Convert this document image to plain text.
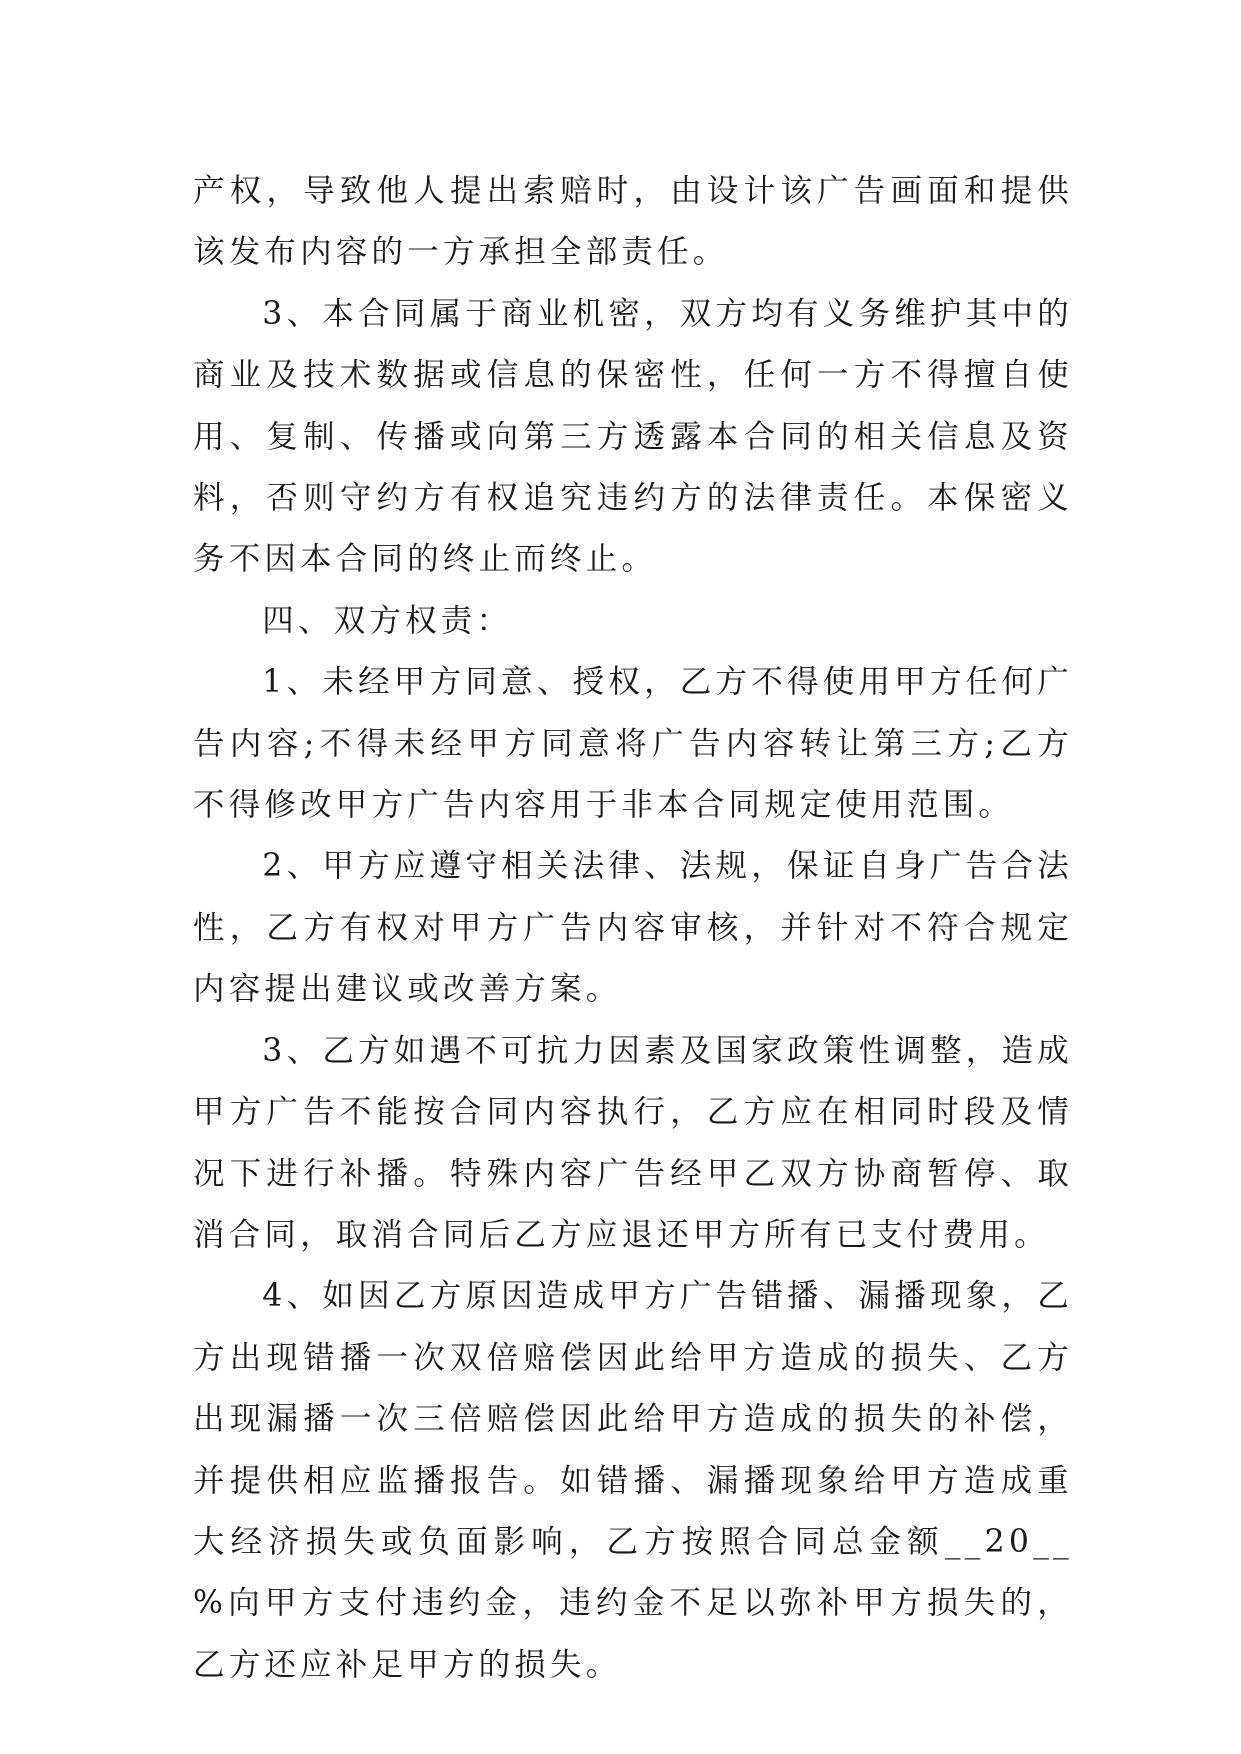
产权，导致他人提出索赔时，由设计该广告画面和提供该发布内容的一方承担全部责任。

3、本合同属于商业机密，双方均有义务维护其中的商业及技术数据或信息的保密性，任何一方不得擅自使用、复制、传播或向第三方透露本合同的相关信息及资料，否则守约方有权追究违约方的法律责任。本保密义务不因本合同的终止而终止。

四、双方权责：

1、未经甲方同意、授权，乙方不得使用甲方任何广告内容;不得未经甲方同意将广告内容转让第三方;乙方不得修改甲方广告内容用于非本合同规定使用范围。

2、甲方应遵守相关法律、法规，保证自身广告合法性，乙方有权对甲方广告内容审核，并针对不符合规定内容提出建议或改善方案。

3、乙方如遇不可抗力因素及国家政策性调整，造成甲方广告不能按合同内容执行，乙方应在相同时段及情况下进行补播。特殊内容广告经甲乙双方协商暂停、取消合同，取消合同后乙方应退还甲方所有已支付费用。

4、如因乙方原因造成甲方广告错播、漏播现象，乙方出现错播一次双倍赔偿因此给甲方造成的损失、乙方出现漏播一次三倍赔偿因此给甲方造成的损失的补偿，并提供相应监播报告。如错播、漏播现象给甲方造成重大经济损失或负面影响，乙方按照合同总金额__20__ %向甲方支付违约金，违约金不足以弥补甲方损失的，乙方还应补足甲方的损失。
